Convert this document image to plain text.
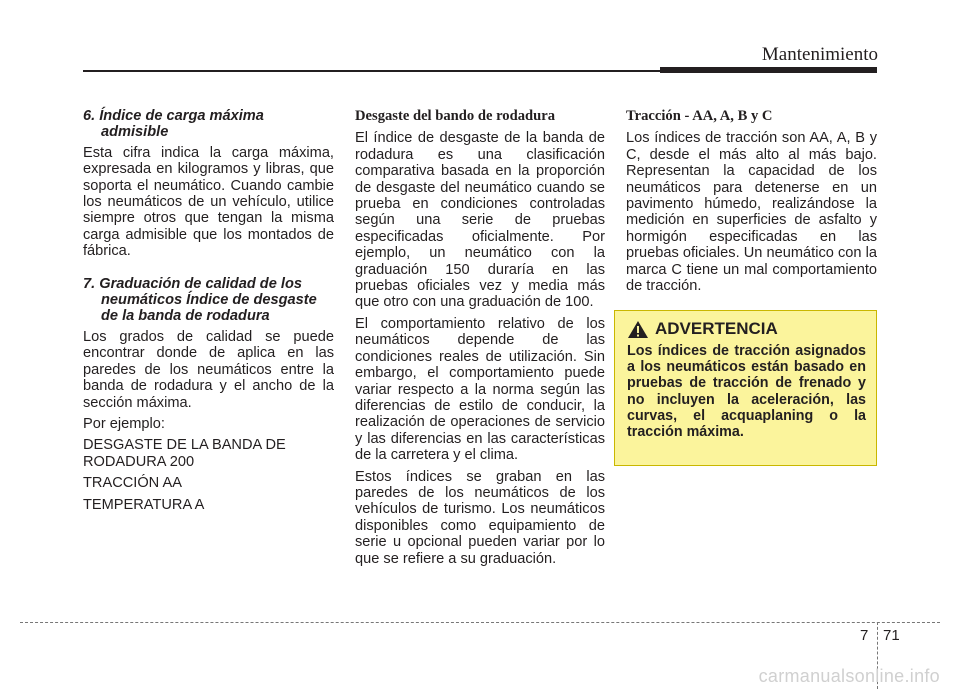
Mantenimiento
6. Índice de carga máxima admisible

Esta cifra indica la carga máxima, expresada en kilogramos y libras, que soporta el neumático. Cuando cambie los neumáticos de un vehículo, utilice siempre otros que tengan la misma carga admisible que los montados de fábrica.

7. Graduación de calidad de los neumáticos Índice de desgaste de la banda de rodadura

Los grados de calidad se puede encontrar donde de aplica en las paredes de los neumáticos entre la banda de rodadura y el ancho de la sección máxima.

Por ejemplo:

DESGASTE DE LA BANDA DE RODADURA 200

TRACCIÓN AA

TEMPERATURA A

Desgaste del bando de rodadura

El índice de desgaste de la banda de rodadura es una clasificación comparativa basada en la proporción de desgaste del neumático cuando se prueba en condiciones controladas según una serie de pruebas especificadas oficialmente. Por ejemplo, un neumático con la graduación 150 duraría en las pruebas oficiales vez y media más que otro con una graduación de 100.

El comportamiento relativo de los neumáticos depende de las condiciones reales de utilización. Sin embargo, el comportamiento puede variar respecto a la norma según las diferencias de estilo de conducir, la realización de operaciones de servicio y las diferencias en las características de la carretera y el clima.

Estos índices se graban en las paredes de los neumáticos de los vehículos de turismo. Los neumáticos disponibles como equipamiento de serie u opcional pueden variar por lo que se refiere a su graduación.

Tracción - AA, A, B y C

Los índices de tracción son AA, A, B y C, desde el más alto al más bajo. Representan la capacidad de los neumáticos para detenerse en un pavimento húmedo, realizándose la medición en superficies de asfalto y hormigón especificadas en las pruebas oficiales. Un neumático con la marca C tiene un mal comportamiento de tracción.

ADVERTENCIA
Los índices de tracción asignados a los neumáticos están basado en pruebas de tracción de frenado y no incluyen la aceleración, las curvas, el acquaplaning o la tracción máxima.
7 71
carmanualsonline.info
